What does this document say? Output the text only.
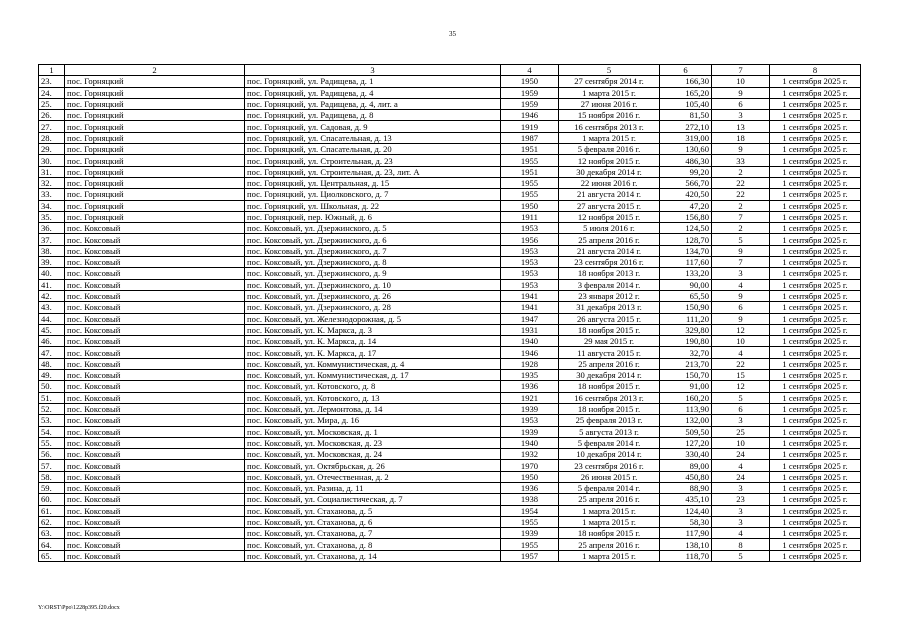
35
1	2	3	4	5	6	7	8
23.	пос. Горняцкий	пос. Горняцкий, ул. Радищева, д. 1	1950	27 сентября 2014 г.	166,30	10	1 сентября 2025 г.
24.	пос. Горняцкий	пос. Горняцкий, ул. Радищева, д. 4	1959	1 марта 2015 г.	165,20	9	1 сентября 2025 г.
25.	пос. Горняцкий	пос. Горняцкий, ул. Радищева, д. 4, лит. а	1959	27 июня 2016 г.	105,40	6	1 сентября 2025 г.
26.	пос. Горняцкий	пос. Горняцкий, ул. Радищева, д. 8	1946	15 ноября 2016 г.	81,50	3	1 сентября 2025 г.
27.	пос. Горняцкий	пос. Горняцкий, ул. Садовая, д. 9	1919	16 сентября 2013 г.	272,10	13	1 сентября 2025 г.
28.	пос. Горняцкий	пос. Горняцкий, ул. Спасательная, д. 13	1987	1 марта 2015 г.	319,00	18	1 сентября 2025 г.
29.	пос. Горняцкий	пос. Горняцкий, ул. Спасательная, д. 20	1951	5 февраля 2016 г.	130,60	9	1 сентября 2025 г.
30.	пос. Горняцкий	пос. Горняцкий, ул. Строительная, д. 23	1955	12 ноября 2015 г.	486,30	33	1 сентября 2025 г.
31.	пос. Горняцкий	пос. Горняцкий, ул. Строительная, д. 23, лит. А	1951	30 декабря 2014 г.	99,20	2	1 сентября 2025 г.
32.	пос. Горняцкий	пос. Горняцкий, ул. Центральная, д. 15	1955	22 июня 2016 г.	566,70	22	1 сентября 2025 г.
33.	пос. Горняцкий	пос. Горняцкий, ул. Циолковского, д. 7	1955	21 августа 2014 г.	420,50	22	1 сентября 2025 г.
34.	пос. Горняцкий	пос. Горняцкий, ул. Школьная, д. 22	1950	27 августа 2015 г.	47,20	2	1 сентября 2025 г.
35.	пос. Горняцкий	пос. Горняцкий, пер. Южный, д. 6	1911	12 ноября 2015 г.	156,80	7	1 сентября 2025 г.
36.	пос. Коксовый	пос. Коксовый, ул. Дзержинского, д. 5	1953	5 июля 2016 г.	124,50	2	1 сентября 2025 г.
37.	пос. Коксовый	пос. Коксовый, ул. Дзержинского, д. 6	1956	25 апреля 2016 г.	128,70	5	1 сентября 2025 г.
38.	пос. Коксовый	пос. Коксовый, ул. Дзержинского, д. 7	1953	21 августа 2014 г.	134,70	9	1 сентября 2025 г.
39.	пос. Коксовый	пос. Коксовый, ул. Дзержинского, д. 8	1953	23 сентября 2016 г.	117,60	7	1 сентября 2025 г.
40.	пос. Коксовый	пос. Коксовый, ул. Дзержинского, д. 9	1953	18 ноября 2013 г.	133,20	3	1 сентября 2025 г.
41.	пос. Коксовый	пос. Коксовый, ул. Дзержинского, д. 10	1953	3 февраля 2014 г.	90,00	4	1 сентября 2025 г.
42.	пос. Коксовый	пос. Коксовый, ул. Дзержинского, д. 26	1941	23 января 2012 г.	65,50	9	1 сентября 2025 г.
43.	пос. Коксовый	пос. Коксовый, ул. Дзержинского, д. 28	1941	31 декабря 2013 г.	150,90	6	1 сентября 2025 г.
44.	пос. Коксовый	пос. Коксовый, ул. Железнодорожная, д. 5	1947	26 августа 2015 г.	111,20	9	1 сентября 2025 г.
45.	пос. Коксовый	пос. Коксовый, ул. К. Маркса, д. 3	1931	18 ноября 2015 г.	329,80	12	1 сентября 2025 г.
46.	пос. Коксовый	пос. Коксовый, ул. К. Маркса, д. 14	1940	29 мая 2015 г.	190,80	10	1 сентября 2025 г.
47.	пос. Коксовый	пос. Коксовый, ул. К. Маркса, д. 17	1946	11 августа 2015 г.	32,70	4	1 сентября 2025 г.
48.	пос. Коксовый	пос. Коксовый, ул. Коммунистическая, д. 4	1928	25 апреля 2016 г.	213,70	22	1 сентября 2025 г.
49.	пос. Коксовый	пос. Коксовый, ул. Коммунистическая, д. 17	1935	30 декабря 2014 г.	150,70	15	1 сентября 2025 г.
50.	пос. Коксовый	пос. Коксовый, ул. Котовского, д. 8	1936	18 ноября 2015 г.	91,00	12	1 сентября 2025 г.
51.	пос. Коксовый	пос. Коксовый, ул. Котовского, д. 13	1921	16 сентября 2013 г.	160,20	5	1 сентября 2025 г.
52.	пос. Коксовый	пос. Коксовый, ул. Лермонтова, д. 14	1939	18 ноября 2015 г.	113,90	6	1 сентября 2025 г.
53.	пос. Коксовый	пос. Коксовый, ул. Мира, д. 16	1953	25 февраля 2013 г.	132,00	3	1 сентября 2025 г.
54.	пос. Коксовый	пос. Коксовый, ул. Московская, д. 1	1939	5 августа 2013 г.	509,50	25	1 сентября 2025 г.
55.	пос. Коксовый	пос. Коксовый, ул. Московская, д. 23	1940	5 февраля 2014 г.	127,20	10	1 сентября 2025 г.
56.	пос. Коксовый	пос. Коксовый, ул. Московская, д. 24	1932	10 декабря 2014 г.	330,40	24	1 сентября 2025 г.
57.	пос. Коксовый	пос. Коксовый, ул. Октябрьская, д. 26	1970	23 сентября 2016 г.	89,00	4	1 сентября 2025 г.
58.	пос. Коксовый	пос. Коксовый, ул. Отечественная, д. 2	1950	26 июня 2015 г.	450,80	24	1 сентября 2025 г.
59.	пос. Коксовый	пос. Коксовый, ул. Разина, д. 11	1936	5 февраля 2014 г.	88,90	3	1 сентября 2025 г.
60.	пос. Коксовый	пос. Коксовый, ул. Социалистическая, д. 7	1938	25 апреля 2016 г.	435,10	23	1 сентября 2025 г.
61.	пос. Коксовый	пос. Коксовый, ул. Стаханова, д. 5	1954	1 марта 2015 г.	124,40	3	1 сентября 2025 г.
62.	пос. Коксовый	пос. Коксовый, ул. Стаханова, д. 6	1955	1 марта 2015 г.	58,30	3	1 сентября 2025 г.
63.	пос. Коксовый	пос. Коксовый, ул. Стаханова, д. 7	1939	18 ноября 2015 г.	117,90	4	1 сентября 2025 г.
64.	пос. Коксовый	пос. Коксовый, ул. Стаханова, д. 8	1955	25 апреля 2016 г.	138,10	8	1 сентября 2025 г.
65.	пос. Коксовый	пос. Коксовый, ул. Стаханова, д. 14	1957	1 марта 2015 г.	118,70	5	1 сентября 2025 г.
Y:\ORST\Ppo\1228p395.f20.docx
